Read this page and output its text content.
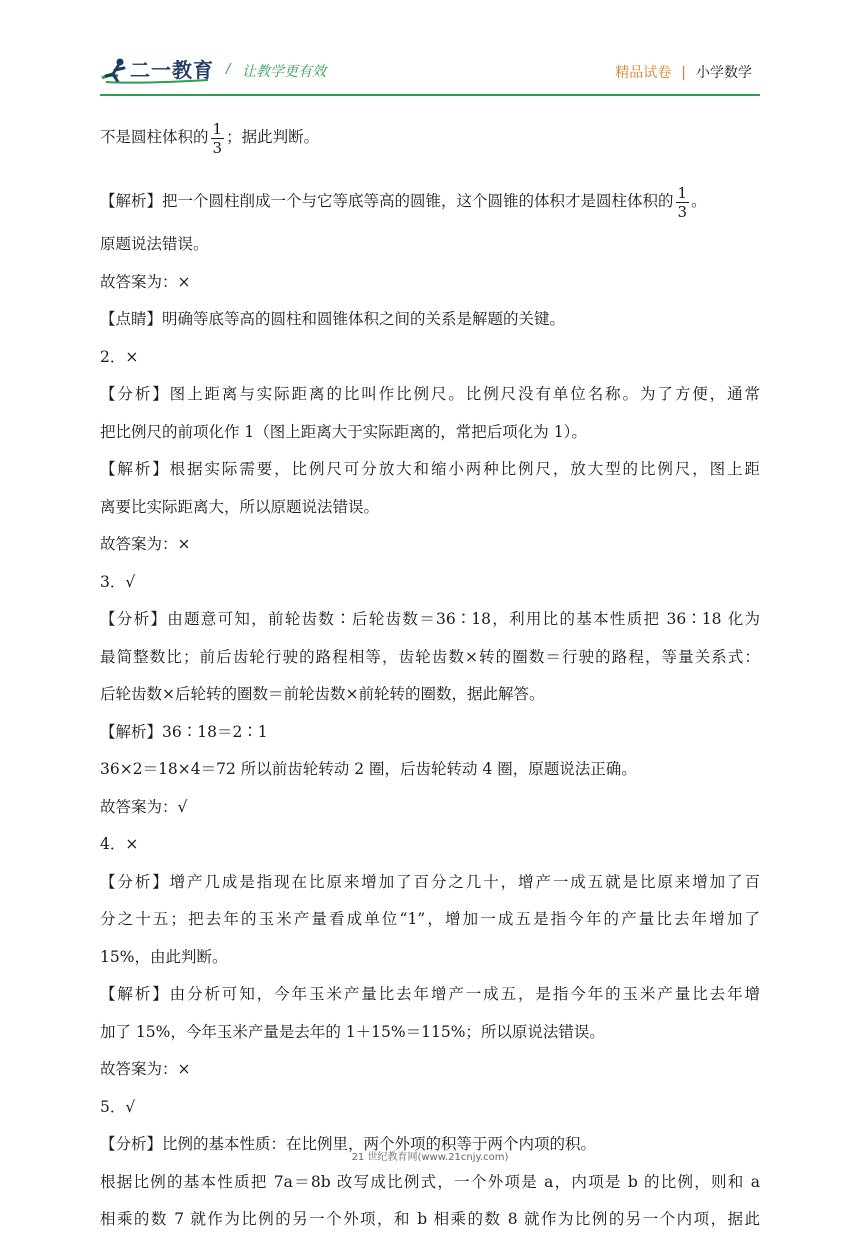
二一教育 / 让教学更有效	精品试卷 | 小学数学
不是圆柱体积的 $\frac{1}{3}$ ；据此判断。
【解析】把一个圆柱削成一个与它等底等高的圆锥，这个圆锥的体积才是圆柱体积的 $\frac{1}{3}$ 。
原题说法错误。
故答案为：×
【点睛】明确等底等高的圆柱和圆锥体积之间的关系是解题的关键。
2．×
【分析】图上距离与实际距离的比叫作比例尺。比例尺没有单位名称。为了方便，通常
把比例尺的前项化作 1（图上距离大于实际距离的，常把后项化为 1）。
【解析】根据实际需要，比例尺可分放大和缩小两种比例尺，放大型的比例尺，图上距
离要比实际距离大，所以原题说法错误。
故答案为：×
3．√
【分析】由题意可知，前轮齿数∶后轮齿数＝36∶18，利用比的基本性质把 36∶18 化为
最简整数比；前后齿轮行驶的路程相等，齿轮齿数×转的圈数＝行驶的路程，等量关系式：
后轮齿数×后轮转的圈数＝前轮齿数×前轮转的圈数，据此解答。
【解析】36∶18＝2∶1
36×2＝18×4＝72 所以前齿轮转动 2 圈，后齿轮转动 4 圈，原题说法正确。
故答案为：√
4．×
【分析】增产几成是指现在比原来增加了百分之几十，增产一成五就是比原来增加了百
分之十五；把去年的玉米产量看成单位“1”，增加一成五是指今年的产量比去年增加了
15%，由此判断。
【解析】由分析可知，今年玉米产量比去年增产一成五，是指今年的玉米产量比去年增
加了 15%，今年玉米产量是去年的 1＋15%＝115%；所以原说法错误。
故答案为：×
5．√
【分析】比例的基本性质：在比例里，两个外项的积等于两个内项的积。
根据比例的基本性质把 7a＝8b 改写成比例式，一个外项是 a，内项是 b 的比例，则和 a
相乘的数 7 就作为比例的另一个外项，和 b 相乘的数 8 就作为比例的另一个内项，据此
21 世纪教育网(www.21cnjy.com)
